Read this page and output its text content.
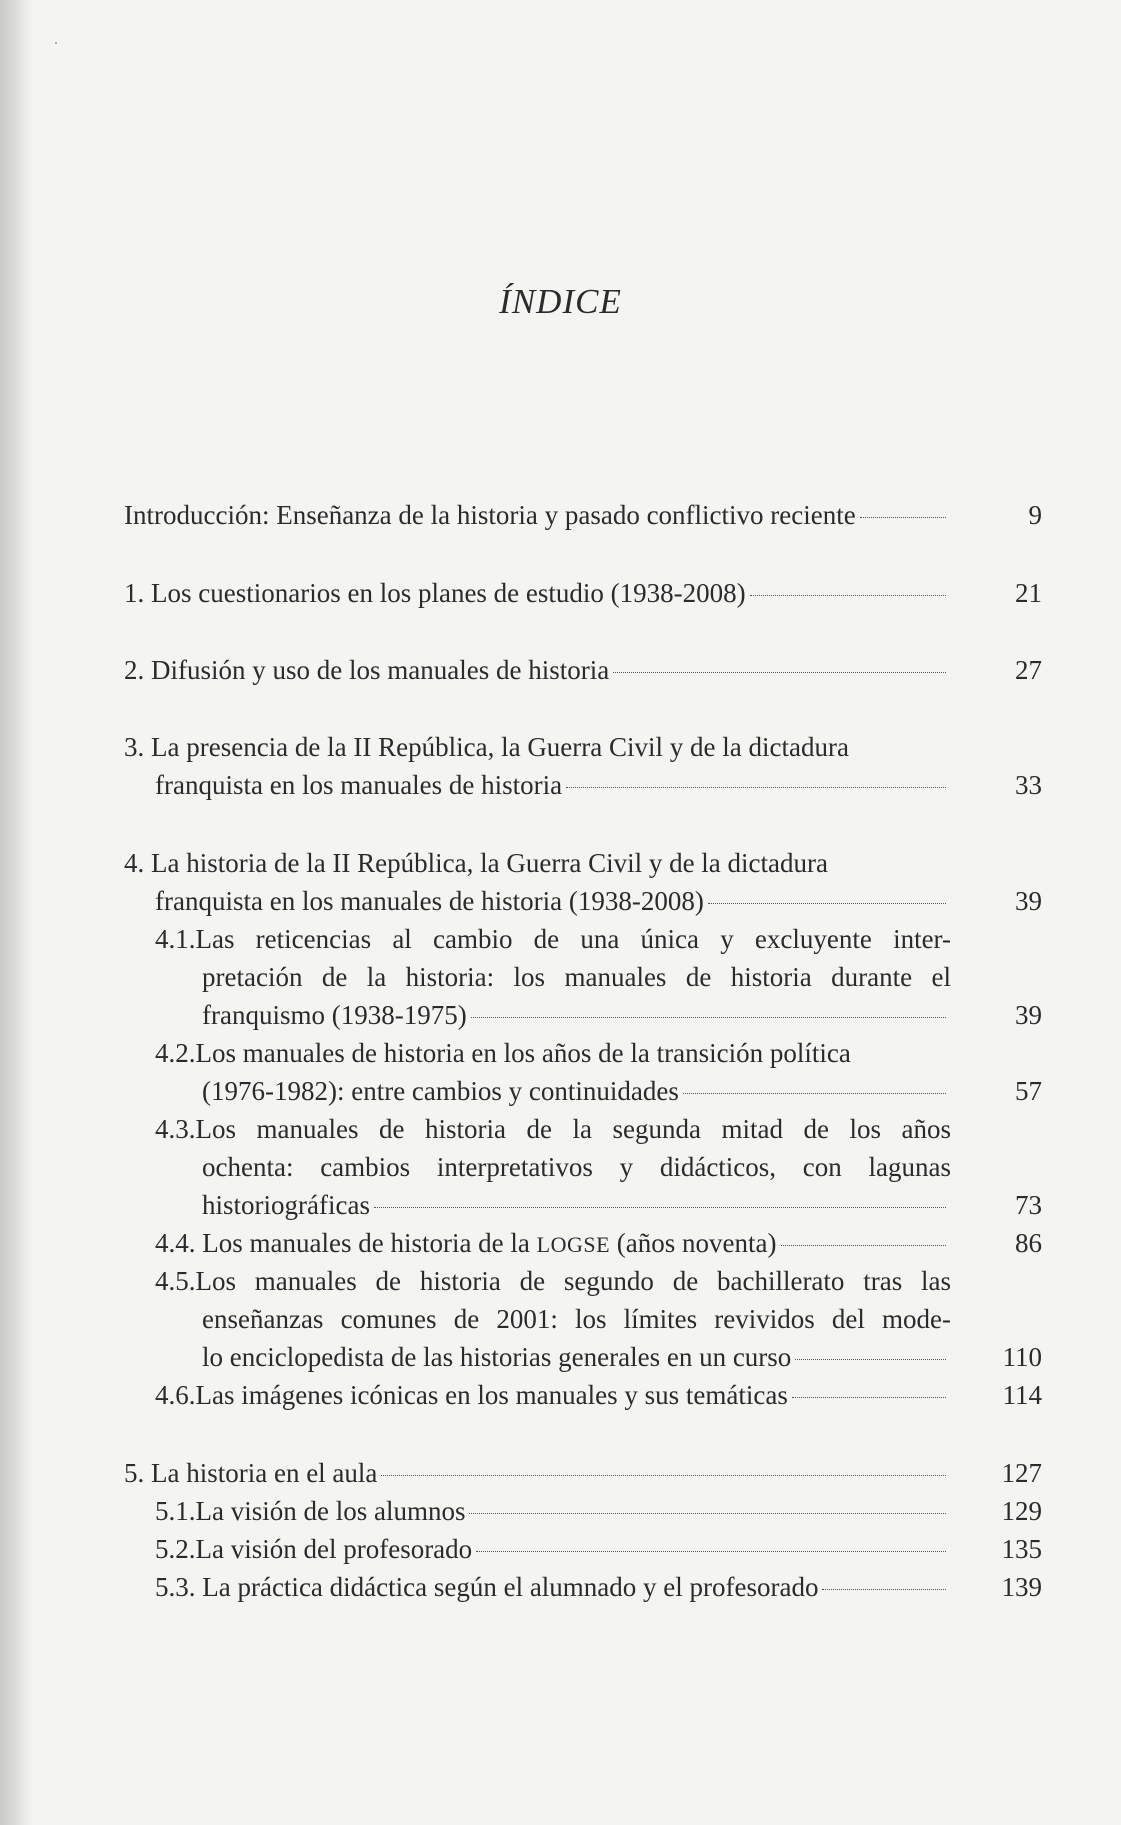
ÍNDICE
Introducción: Enseñanza de la historia y pasado conflictivo reciente	9
1. Los cuestionarios en los planes de estudio (1938-2008)	21
2. Difusión y uso de los manuales de historia	27
3. La presencia de la II República, la Guerra Civil y de la dictadura
franquista en los manuales de historia	33
4. La historia de la II República, la Guerra Civil y de la dictadura
franquista en los manuales de historia (1938-2008)	39
4.1.Las reticencias al cambio de una única y excluyente inter-
pretación de la historia: los manuales de historia durante el
franquismo (1938-1975)	39
4.2.Los manuales de historia en los años de la transición política
(1976-1982): entre cambios y continuidades	57
4.3.Los manuales de historia de la segunda mitad de los años
ochenta: cambios interpretativos y didácticos, con lagunas
historiográficas	73
4.4. Los manuales de historia de la LOGSE (años noventa)	86
4.5.Los manuales de historia de segundo de bachillerato tras las
enseñanzas comunes de 2001: los límites revividos del mode-
lo enciclopedista de las historias generales en un curso	110
4.6.Las imágenes icónicas en los manuales y sus temáticas	114
5. La historia en el aula	127
5.1.La visión de los alumnos	129
5.2.La visión del profesorado	135
5.3. La práctica didáctica según el alumnado y el profesorado	139
